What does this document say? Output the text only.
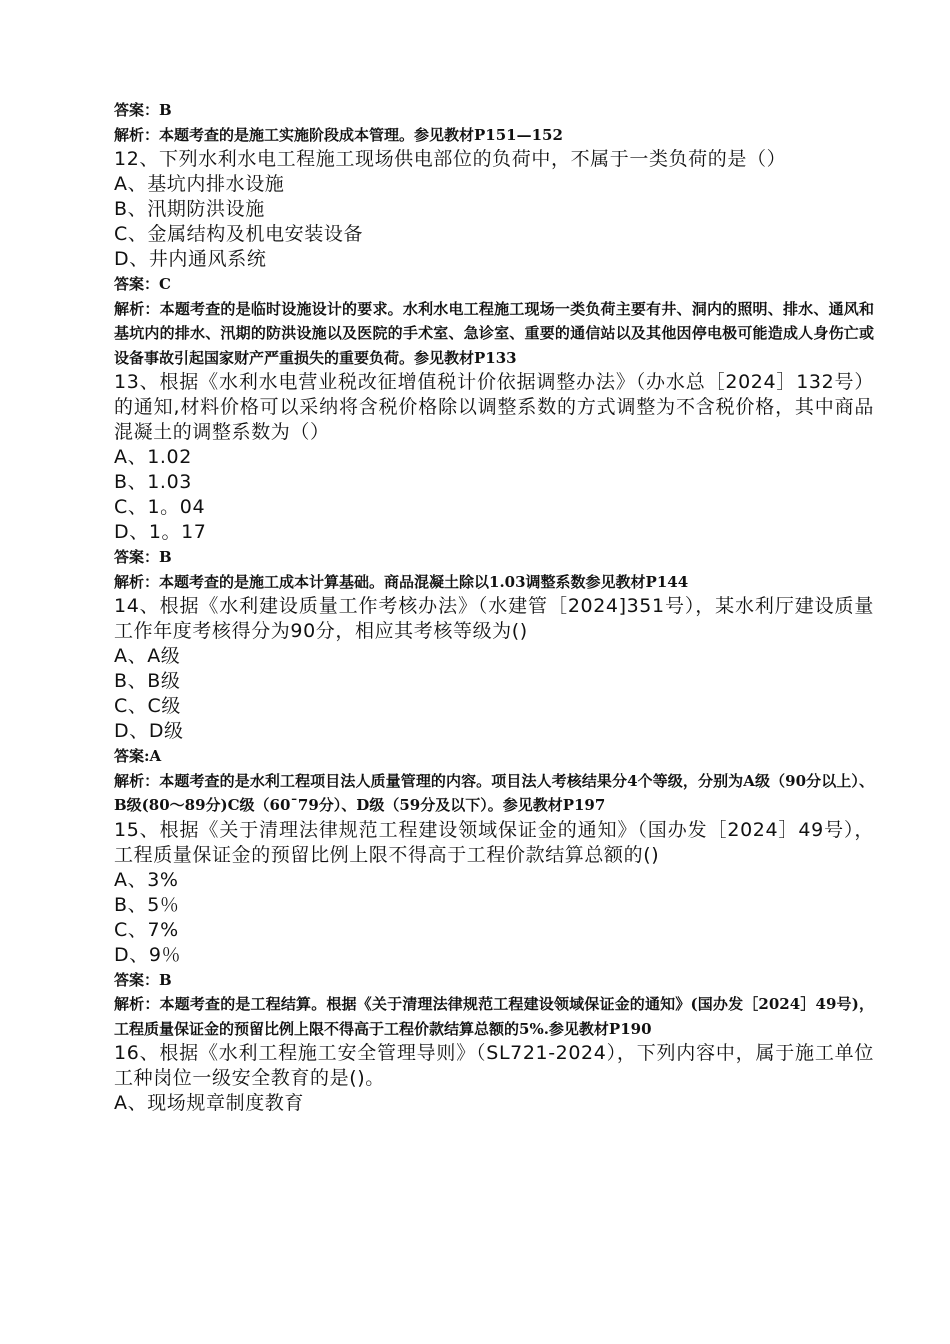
答案：B

解析：本题考查的是施工实施阶段成本管理。参见教材P151—152

12、下列水利水电工程施工现场供电部位的负荷中，不属于一类负荷的是（）

A、基坑内排水设施

B、汛期防洪设施

C、金属结构及机电安装设备

D、井内通风系统

答案：C

解析：本题考查的是临时设施设计的要求。水利水电工程施工现场一类负荷主要有井、洞内的照明、排水、通风和基坑内的排水、汛期的防洪设施以及医院的手术室、急诊室、重要的通信站以及其他因停电极可能造成人身伤亡或设备事故引起国家财产严重损失的重要负荷。参见教材P133

13、根据《水利水电营业税改征增值税计价依据调整办法》（办水总［2024］132号）的通知,材料价格可以采纳将含税价格除以调整系数的方式调整为不含税价格，其中商品混凝土的调整系数为（）

A、1.02

B、1.03

C、1。04

D、1。17

答案：B

解析：本题考查的是施工成本计算基础。商品混凝土除以1.03调整系数参见教材P144

14、根据《水利建设质量工作考核办法》（水建管［2024]351号），某水利厅建设质量工作年度考核得分为90分，相应其考核等级为()

A、A级

B、B级

C、C级

D、D级

答案:A

解析：本题考查的是水利工程项目法人质量管理的内容。项目法人考核结果分4个等级，分别为A级（90分以上）、B级(80～89分)C级（60¯79分）、D级（59分及以下）。参见教材P197

15、根据《关于清理法律规范工程建设领域保证金的通知》（国办发［2024］49号），工程质量保证金的预留比例上限不得高于工程价款结算总额的()

A、3%

B、5％

C、7%

D、9％

答案：B

解析：本题考查的是工程结算。根据《关于清理法律规范工程建设领域保证金的通知》(国办发［2024］49号)，工程质量保证金的预留比例上限不得高于工程价款结算总额的5%.参见教材P190

16、根据《水利工程施工安全管理导则》（SL721-2024），下列内容中，属于施工单位工种岗位一级安全教育的是()。

A、现场规章制度教育
